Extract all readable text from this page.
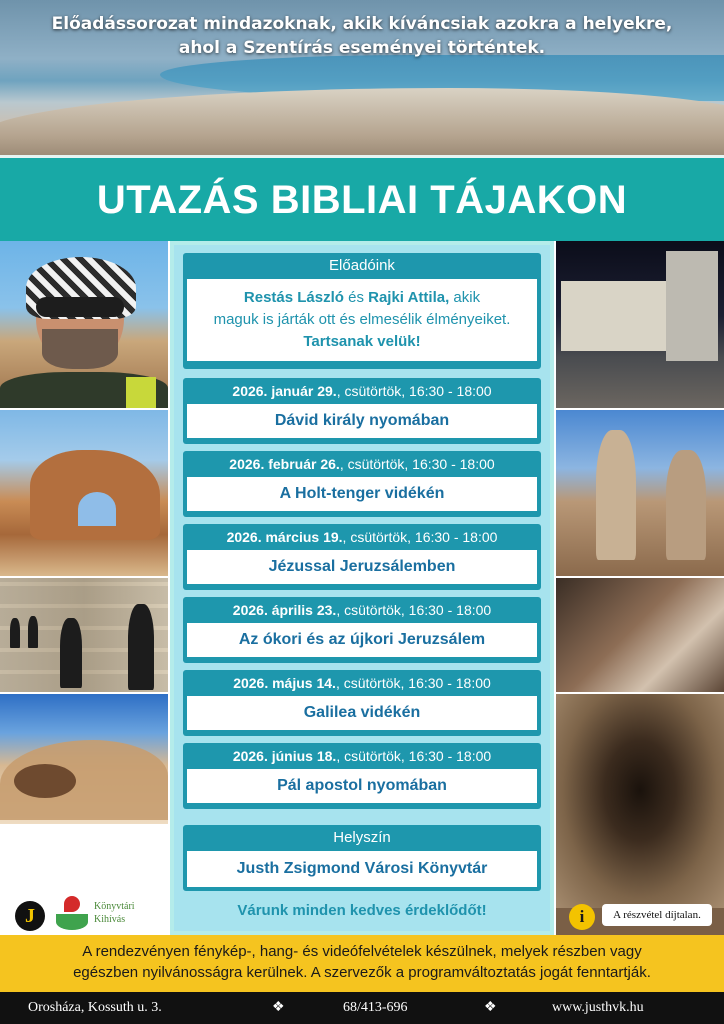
Előadássorozat mindazoknak, akik kíváncsiak azokra a helyekre,
ahol a Szentírás eseményei történtek.
UTAZÁS BIBLIAI TÁJAKON
Előadóink
Restás László és Rajki Attila, akik
maguk is járták ott és elmesélik élményeiket.
Tartsanak velük!
2026. január 29., csütörtök, 16:30 - 18:00
Dávid király nyomában
2026. február 26., csütörtök, 16:30 - 18:00
A Holt-tenger vidékén
2026. március 19., csütörtök, 16:30 - 18:00
Jézussal Jeruzsálemben
2026. április 23., csütörtök, 16:30 - 18:00
Az ókori és az újkori Jeruzsálem
2026. május 14., csütörtök, 16:30 - 18:00
Galilea vidékén
2026. június 18., csütörtök, 16:30 - 18:00
Pál apostol nyomában
Helyszín
Justh Zsigmond Városi Könyvtár
Várunk minden kedves érdeklődőt!
J	Könyvtári
Kihívás	i	A részvétel díjtalan.
A rendezvényen fénykép-, hang- és videófelvételek készülnek, melyek részben vagy
egészben nyilvánosságra kerülnek. A szervezők a programváltoztatás jogát fenntartják.
Orosháza, Kossuth u. 3.	❖	68/413-696	❖	www.justhvk.hu
